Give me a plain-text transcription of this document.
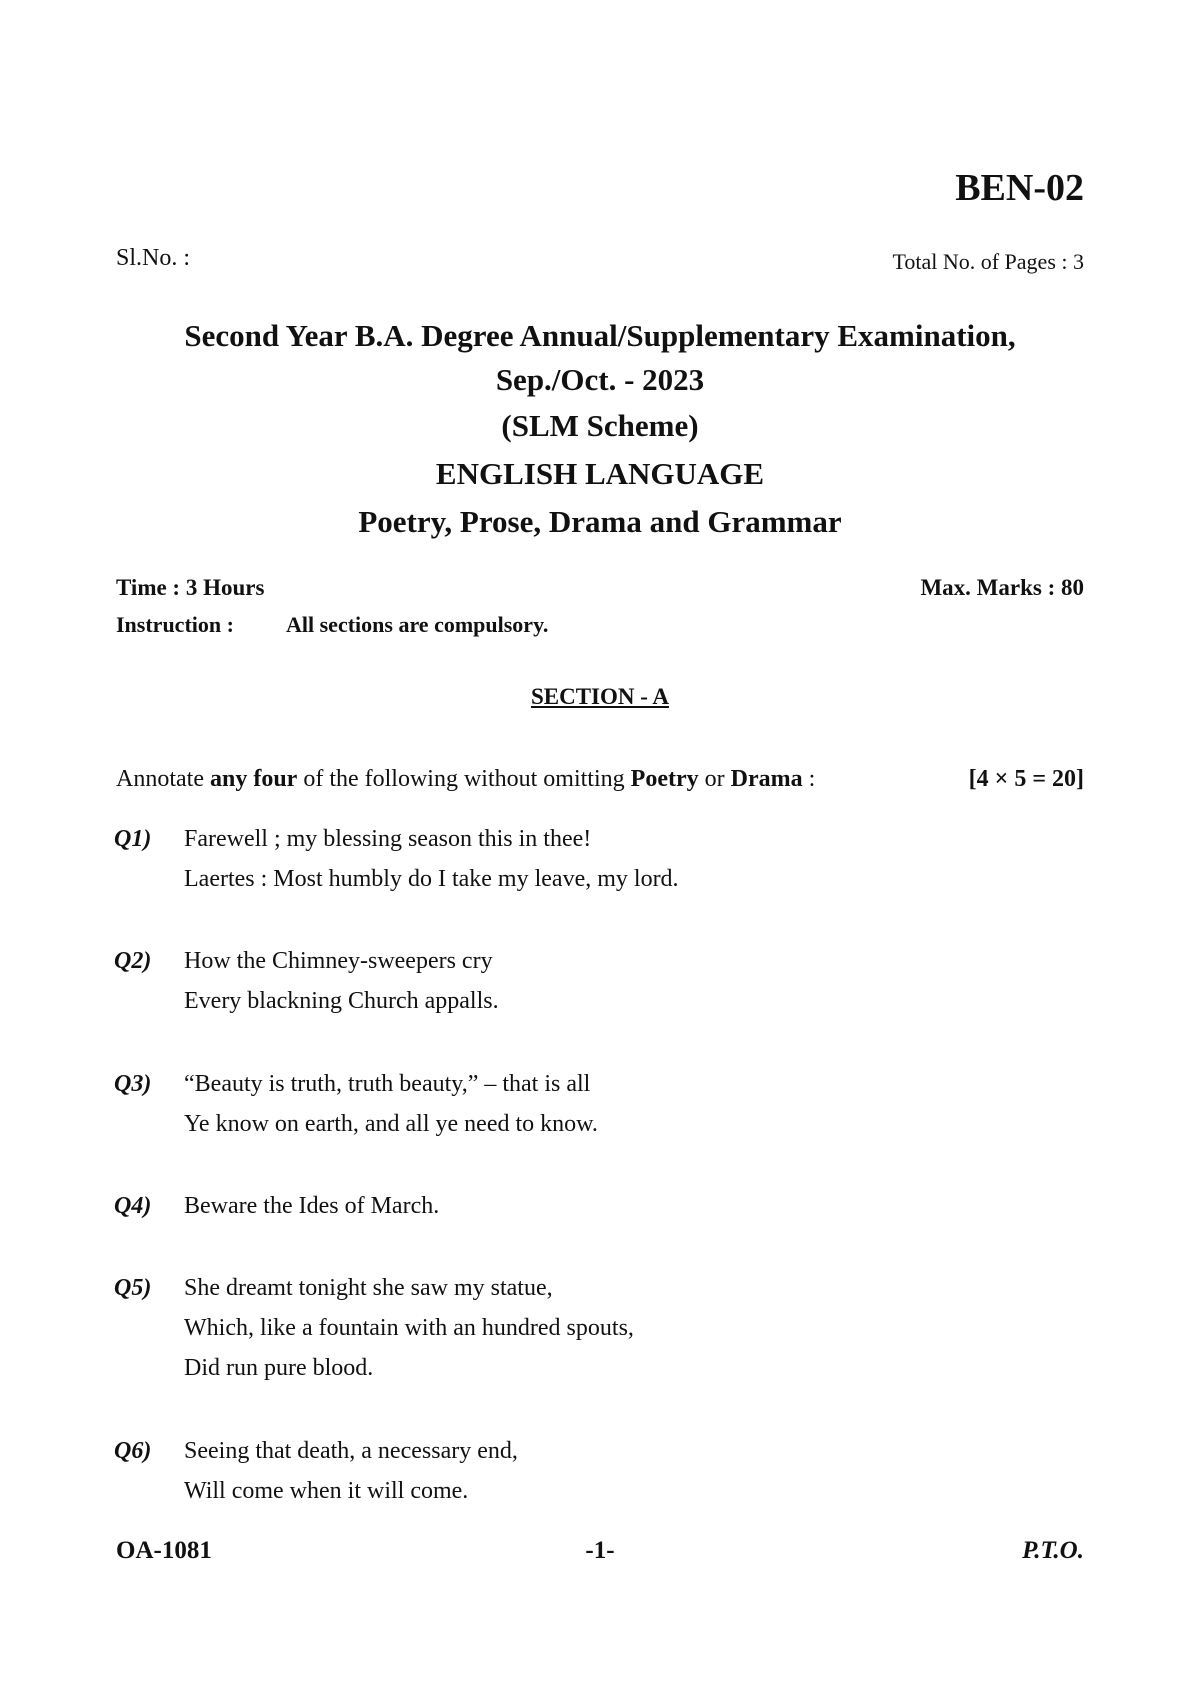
BEN-02
Sl.No. :	Total No. of Pages : 3
Second Year B.A. Degree Annual/Supplementary Examination,
Sep./Oct. - 2023
(SLM Scheme)
ENGLISH LANGUAGE
Poetry, Prose, Drama and Grammar
Time : 3 Hours	Max. Marks : 80
Instruction : All sections are compulsory.
SECTION - A
Annotate any four of the following without omitting Poetry or Drama :	[4 × 5 = 20]
Q1) Farewell ; my blessing season this in thee!
Laertes : Most humbly do I take my leave, my lord.
Q2) How the Chimney-sweepers cry
Every blackning Church appalls.
Q3) “Beauty is truth, truth beauty,” – that is all
Ye know on earth, and all ye need to know.
Q4) Beware the Ides of March.
Q5) She dreamt tonight she saw my statue,
Which, like a fountain with an hundred spouts,
Did run pure blood.
Q6) Seeing that death, a necessary end,
Will come when it will come.
OA-1081	-1-	P.T.O.
